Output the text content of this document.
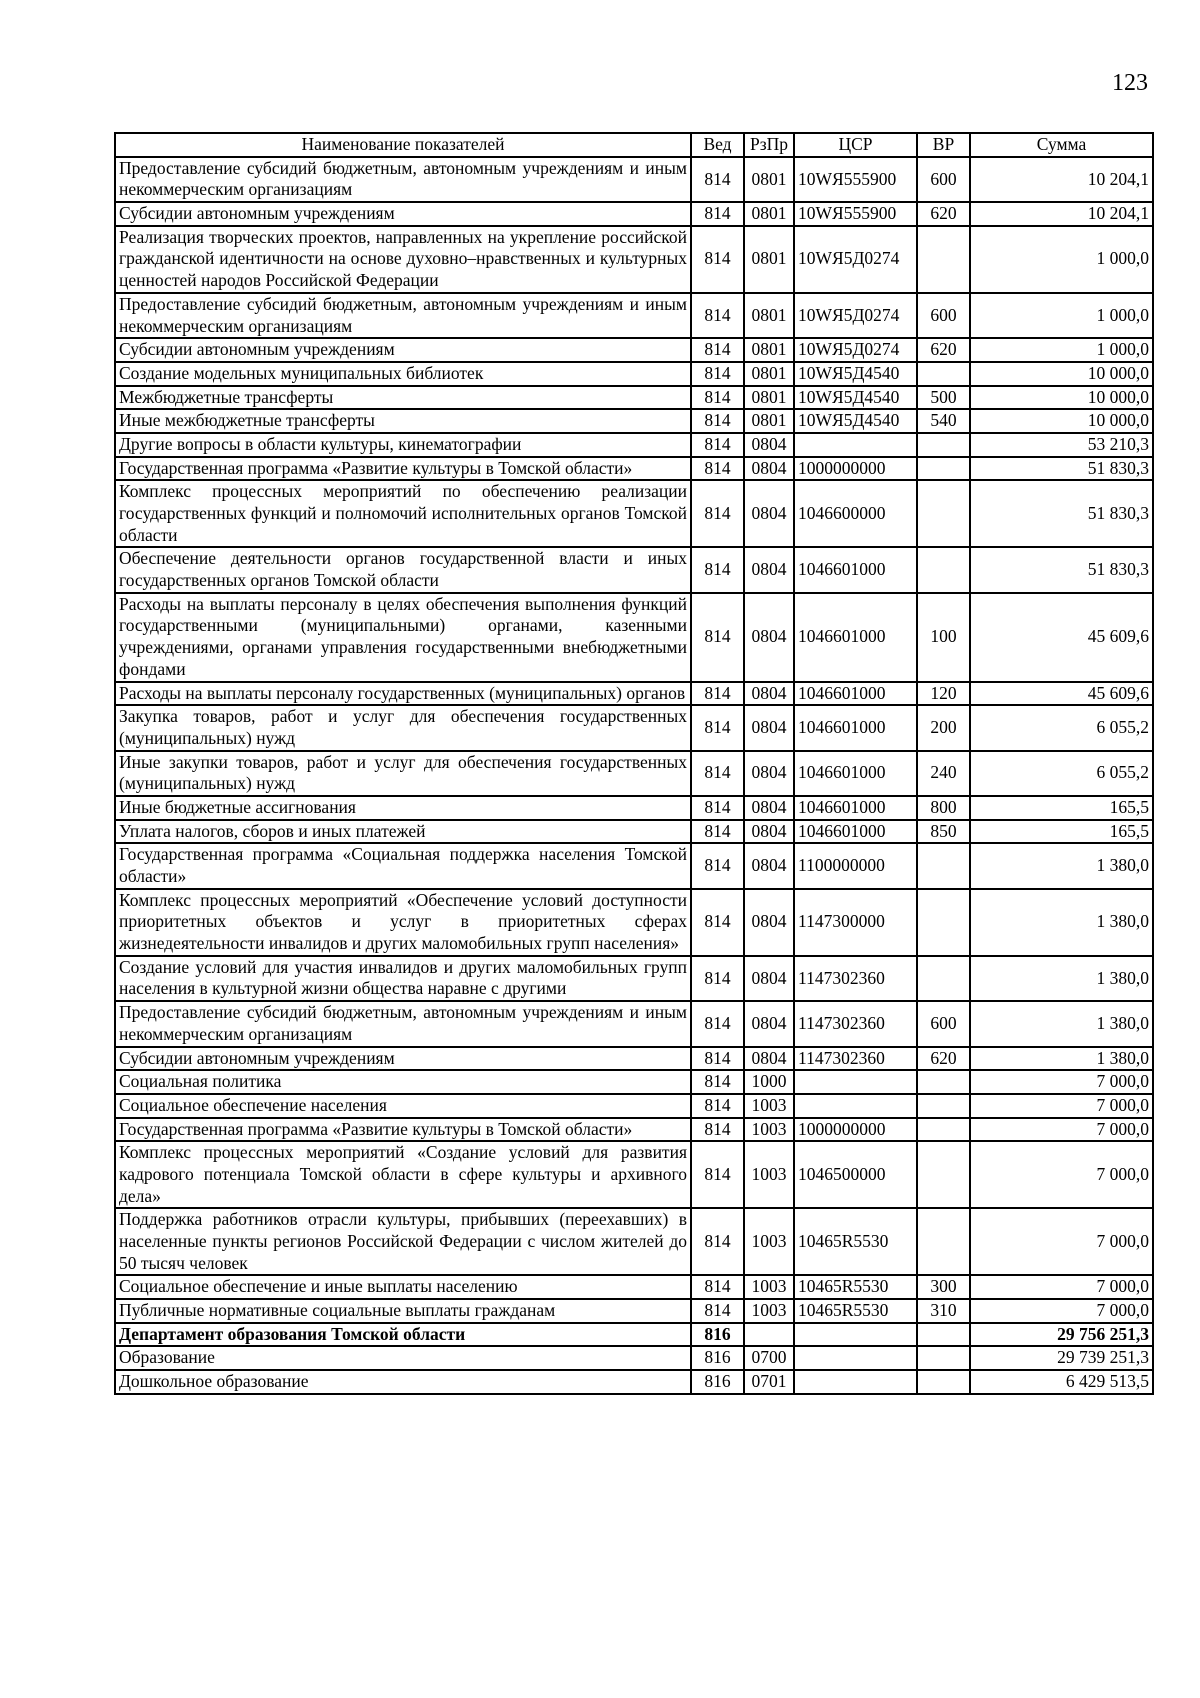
123
Наименование показателей	Вед	РзПр	ЦСР	ВР	Сумма
Предоставление субсидий бюджетным, автономным учреждениям и иным некоммерческим организациям	814	0801	10WЯ555900	600	10 204,1
Субсидии автономным учреждениям	814	0801	10WЯ555900	620	10 204,1
Реализация творческих проектов, направленных на укрепление российской гражданской идентичности на основе духовно–нравственных и культурных ценностей народов Российской Федерации	814	0801	10WЯ5Д0274		1 000,0
Предоставление субсидий бюджетным, автономным учреждениям и иным некоммерческим организациям	814	0801	10WЯ5Д0274	600	1 000,0
Субсидии автономным учреждениям	814	0801	10WЯ5Д0274	620	1 000,0
Создание модельных муниципальных библиотек	814	0801	10WЯ5Д4540		10 000,0
Межбюджетные трансферты	814	0801	10WЯ5Д4540	500	10 000,0
Иные межбюджетные трансферты	814	0801	10WЯ5Д4540	540	10 000,0
Другие вопросы в области культуры, кинематографии	814	0804			53 210,3
Государственная программа «Развитие культуры в Томской области»	814	0804	1000000000		51 830,3
Комплекс процессных мероприятий по обеспечению реализации государственных функций и полномочий исполнительных органов Томской области	814	0804	1046600000		51 830,3
Обеспечение деятельности органов государственной власти и иных государственных органов Томской области	814	0804	1046601000		51 830,3
Расходы на выплаты персоналу в целях обеспечения выполнения функций государственными (муниципальными) органами, казенными учреждениями, органами управления государственными внебюджетными фондами	814	0804	1046601000	100	45 609,6
Расходы на выплаты персоналу государственных (муниципальных) органов	814	0804	1046601000	120	45 609,6
Закупка товаров, работ и услуг для обеспечения государственных (муниципальных) нужд	814	0804	1046601000	200	6 055,2
Иные закупки товаров, работ и услуг для обеспечения государственных (муниципальных) нужд	814	0804	1046601000	240	6 055,2
Иные бюджетные ассигнования	814	0804	1046601000	800	165,5
Уплата налогов, сборов и иных платежей	814	0804	1046601000	850	165,5
Государственная программа «Социальная поддержка населения Томской области»	814	0804	1100000000		1 380,0
Комплекс процессных мероприятий «Обеспечение условий доступности приоритетных объектов и услуг в приоритетных сферах жизнедеятельности инвалидов и других маломобильных групп населения»	814	0804	1147300000		1 380,0
Создание условий для участия инвалидов и других маломобильных групп населения в культурной жизни общества наравне с другими	814	0804	1147302360		1 380,0
Предоставление субсидий бюджетным, автономным учреждениям и иным некоммерческим организациям	814	0804	1147302360	600	1 380,0
Субсидии автономным учреждениям	814	0804	1147302360	620	1 380,0
Социальная политика	814	1000			7 000,0
Социальное обеспечение населения	814	1003			7 000,0
Государственная программа «Развитие культуры в Томской области»	814	1003	1000000000		7 000,0
Комплекс процессных мероприятий «Создание условий для развития кадрового потенциала Томской области в сфере культуры и архивного дела»	814	1003	1046500000		7 000,0
Поддержка работников отрасли культуры, прибывших (переехавших) в населенные пункты регионов Российской Федерации с числом жителей до 50 тысяч человек	814	1003	10465R5530		7 000,0
Социальное обеспечение и иные выплаты населению	814	1003	10465R5530	300	7 000,0
Публичные нормативные социальные выплаты гражданам	814	1003	10465R5530	310	7 000,0
Департамент образования Томской области	816				29 756 251,3
Образование	816	0700			29 739 251,3
Дошкольное образование	816	0701			6 429 513,5
